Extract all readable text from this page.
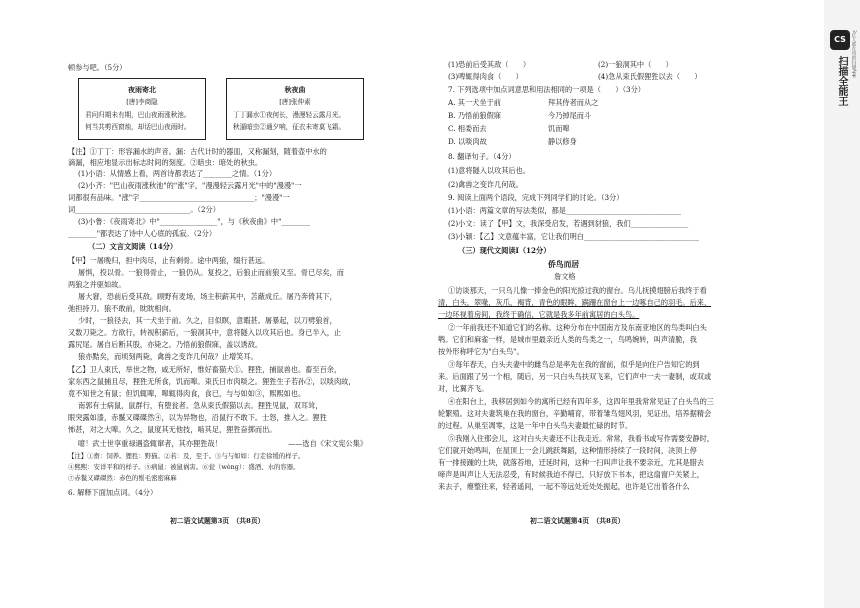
顿参与吧。（5分）
夜雨寄北
[唐]李商隐
君问归期未有期，巴山夜雨涨秋池。
何当共剪西窗烛，却话巴山夜雨时。
秋夜曲
[唐]张仲素
丁丁漏水①夜何长，漫漫轻云露月光。
秋逼暗虫②通夕响，征衣未寄莫飞霜。
【注】①丁丁：形容漏水的声音。漏：古代计时的器皿，又称漏刻，随着壶中水的
滴漏，相应地显示出标志时间的刻度。②暗虫：暗处的秋虫。
(1)小语：从情感上看，两首诗都表达了________之情。（1分）
(2)小齐："巴山夜雨涨秋池"的"涨"字，"漫漫轻云露月光"中的"漫漫"一
词都很有品味。"涨"字________________________________；"漫漫"一
词________________________________。（2分）
(3)小鲁：《夜雨寄北》中"________________"，与《秋夜曲》中"________
________"都表达了诗中人心底的孤寂。（2分）
（二）文言文阅读（14分）
【甲】一屠晚归，担中肉尽，止有剩骨。途中两狼，缀行甚远。
屠惧，投以骨。一狼得骨止，一狼仍从。复投之，后狼止而前狼又至。骨已尽矣，而
两狼之并驱如故。
屠大窘，恐前后受其敌。顾野有麦场，场主积薪其中，苫蔽成丘。屠乃奔倚其下，
弛担持刀。狼不敢前，眈眈相向。
少时，一狼径去，其一犬坐于前。久之，目似瞑，意暇甚。屠暴起，以刀劈狼首，
又数刀毙之。方欲行，转视积薪后，一狼洞其中，意将隧入以攻其后也。身已半入，止
露尻尾。屠自后断其股，亦毙之。乃悟前狼假寐，盖以诱敌。
狼亦黠矣，而顷刻两毙，禽兽之变诈几何哉？止增笑耳。
【乙】卫人束氏，举世之物，咸无所好，惟好畜猫犬①。狸狌，捕鼠兽也。畜至百余，
家东西之鼠捕且尽，狸狌无所食，饥而嗥。束氏日市肉啖之。狸狌生子若孙②，以啖肉故，
竟不知世之有鼠；但饥辄嗥，嗥辄得肉食，食已，与与如如③，熙熙如也。
南郭有士病鼠，鼠群行，有堕瓮者。急从束氏假猫以去。狸狌见鼠，双耳耸，
眼突露如漆，赤鬣又磔磔然④，以为异物也，沿鼠行不敢下。士怒，推入之。狸狌
怖甚，对之大嗥。久之，鼠度其无他技，啮其足，狸狌奋掷而出。
噫！武士世享重禄遇盗辄窜者，其亦狸狌哉！	——选自《宋文宪公集》
【注】①畜：饲养。狸狌：野猫。②若：及，至于。③与与如如：行走徐缓的样子。
④熙熙：安详平和的样子。⑤病鼠：被鼠祸害。⑥瓮（wèng）：盛酒、水的容器。
⑦赤鬣又磔磔然：赤色的鬃毛密密麻麻
6. 解释下面加点词。（4分）
初二语文试题第3页　（共8页）
(1)恐前后受其敌（　　）	(2)一狼洞其中（　　）
(3)啤辄得肉食（　　）	(4)急从束氏假狸狌以去（　　）
7. 下列选项中加点词意思和用法相同的一项是（　　）（3分）
A. 其一犬坐于前	拜其侍者而从之
B. 乃悟前狼假寐	今乃掉尾而斗
C. 相委而去	饥而嗥
D. 以啖肉故	静以修身
8. 翻译句子。（4分）
(1)意将隧入以攻其后也。
(2)禽兽之变诈几何哉。
9. 阅读上面两个语段，完成下列同学们的讨论。（3分）
(1)小语：两篇文章的写法类似，都是________________________________
(2)小文：读了【甲】文，我深受启发，若遇到豺狼，我们________________
(3)小颖：【乙】文意蕴丰富，它让我们明白________________________________
（三）现代文阅读Ⅰ（12分）
侨鸟而居
詹文格
①访谈那天，一只乌儿像一捧金色的阳光掠过我的窗台。乌儿抚摸翅膀后我终于看
清，白头，翠喙，灰爪，褐背，青色的眼眸，蹒跚在窗台上一边啄自己的羽毛。后来，
一边环视着房间，我终于确信，它就是我多年前寓居的白头鸟。
②一年前我还不知道它们的名称。这种分布在中国南方及东南亚地区的鸟类叫白头
鹎。它们和麻雀一样，是城市里最亲近人类的鸟类之一，鸟鸣婉转，叫声清脆，我
按外形称呼它为"白头鸟"。
③每年春天，白头夫妻中的雌鸟总是率先在我的窗前，似乎是向住户告知它的到
来。后面跟了另一个相，随后，另一只白头鸟扶双飞来，它们声中一夫一妻制，或双或
对，比翼齐飞。
④在阳台上，我移居到如今的寓所已经有四年多，这四年里我常常见证了白头鸟的三
轮繁殖。这对夫妻筑巢在我的窗台，辛勤哺育，带着雏鸟翅风羽，见证出，培养据精会
的过程。从巢至凋零，这是一年中白头鸟夫妻最忙碌的时节。
⑤我刚入住那会儿，这对白头夫妻还不让我走近。常常，我看书或写作需要安静时，
它们就开始鸣叫，在屋顶上一会儿跳跃舞蹈，这种情形持续了一段时间，决顶上停
有一排接踵的土块，就落苔地，迁延时间，这种一扫叫声让我不要亲近，尤其是腊去
啼声是叫声让人无法忍受，有时候我迫不得已，只好放下书本，把这扇窗户关紧上，
来去子，瘪整往来，轻者遥间，一起不等远处近处处振起，也许是它出着各什么
初二语文试题第4页　（共8页）
CS
扫描全能王
3亿人都在用的扫描App
